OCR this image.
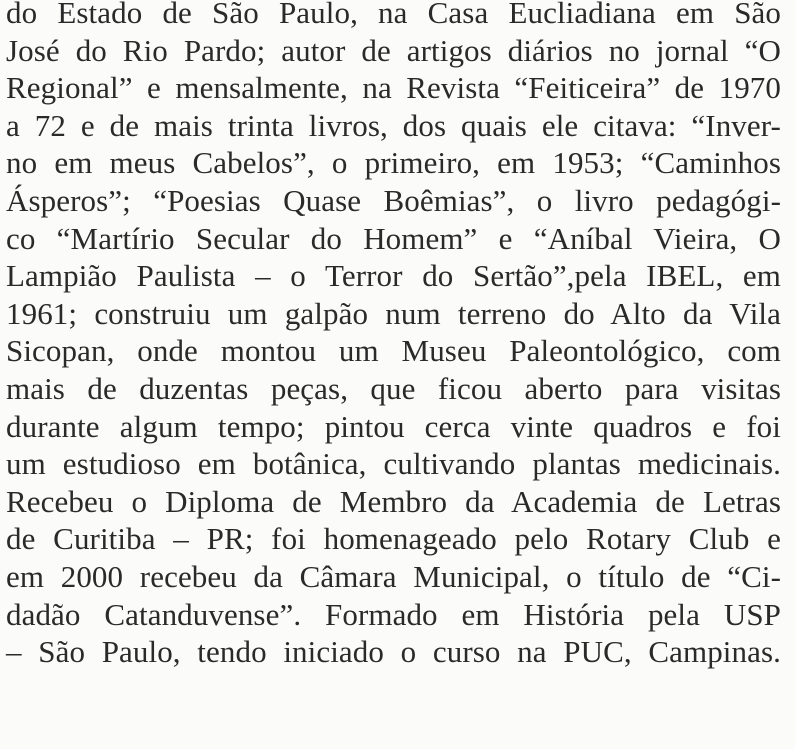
do Estado de São Paulo, na Casa Eucliadiana em São
José do Rio Pardo; autor de artigos diários no jornal “O
Regional” e mensalmente, na Revista “Feiticeira” de 1970
a 72 e de mais trinta livros, dos quais ele citava: “Inver-
no em meus Cabelos”, o primeiro, em 1953; “Caminhos
Ásperos”; “Poesias Quase Boêmias”, o livro pedagógi-
co “Martírio Secular do Homem” e “Aníbal Vieira, O
Lampião Paulista – o Terror do Sertão”,pela IBEL, em
1961; construiu um galpão num terreno do Alto da Vila
Sicopan, onde montou um Museu Paleontológico, com
mais de duzentas peças, que ficou aberto para visitas
durante algum tempo; pintou cerca vinte quadros e foi
um estudioso em botânica, cultivando plantas medicinais.
Recebeu o Diploma de Membro da Academia de Letras
de Curitiba – PR; foi homenageado pelo Rotary Club e
em 2000 recebeu da Câmara Municipal, o título de “Ci-
dadão Catanduvense”. Formado em História pela USP
– São Paulo, tendo iniciado o curso na PUC, Campinas.
